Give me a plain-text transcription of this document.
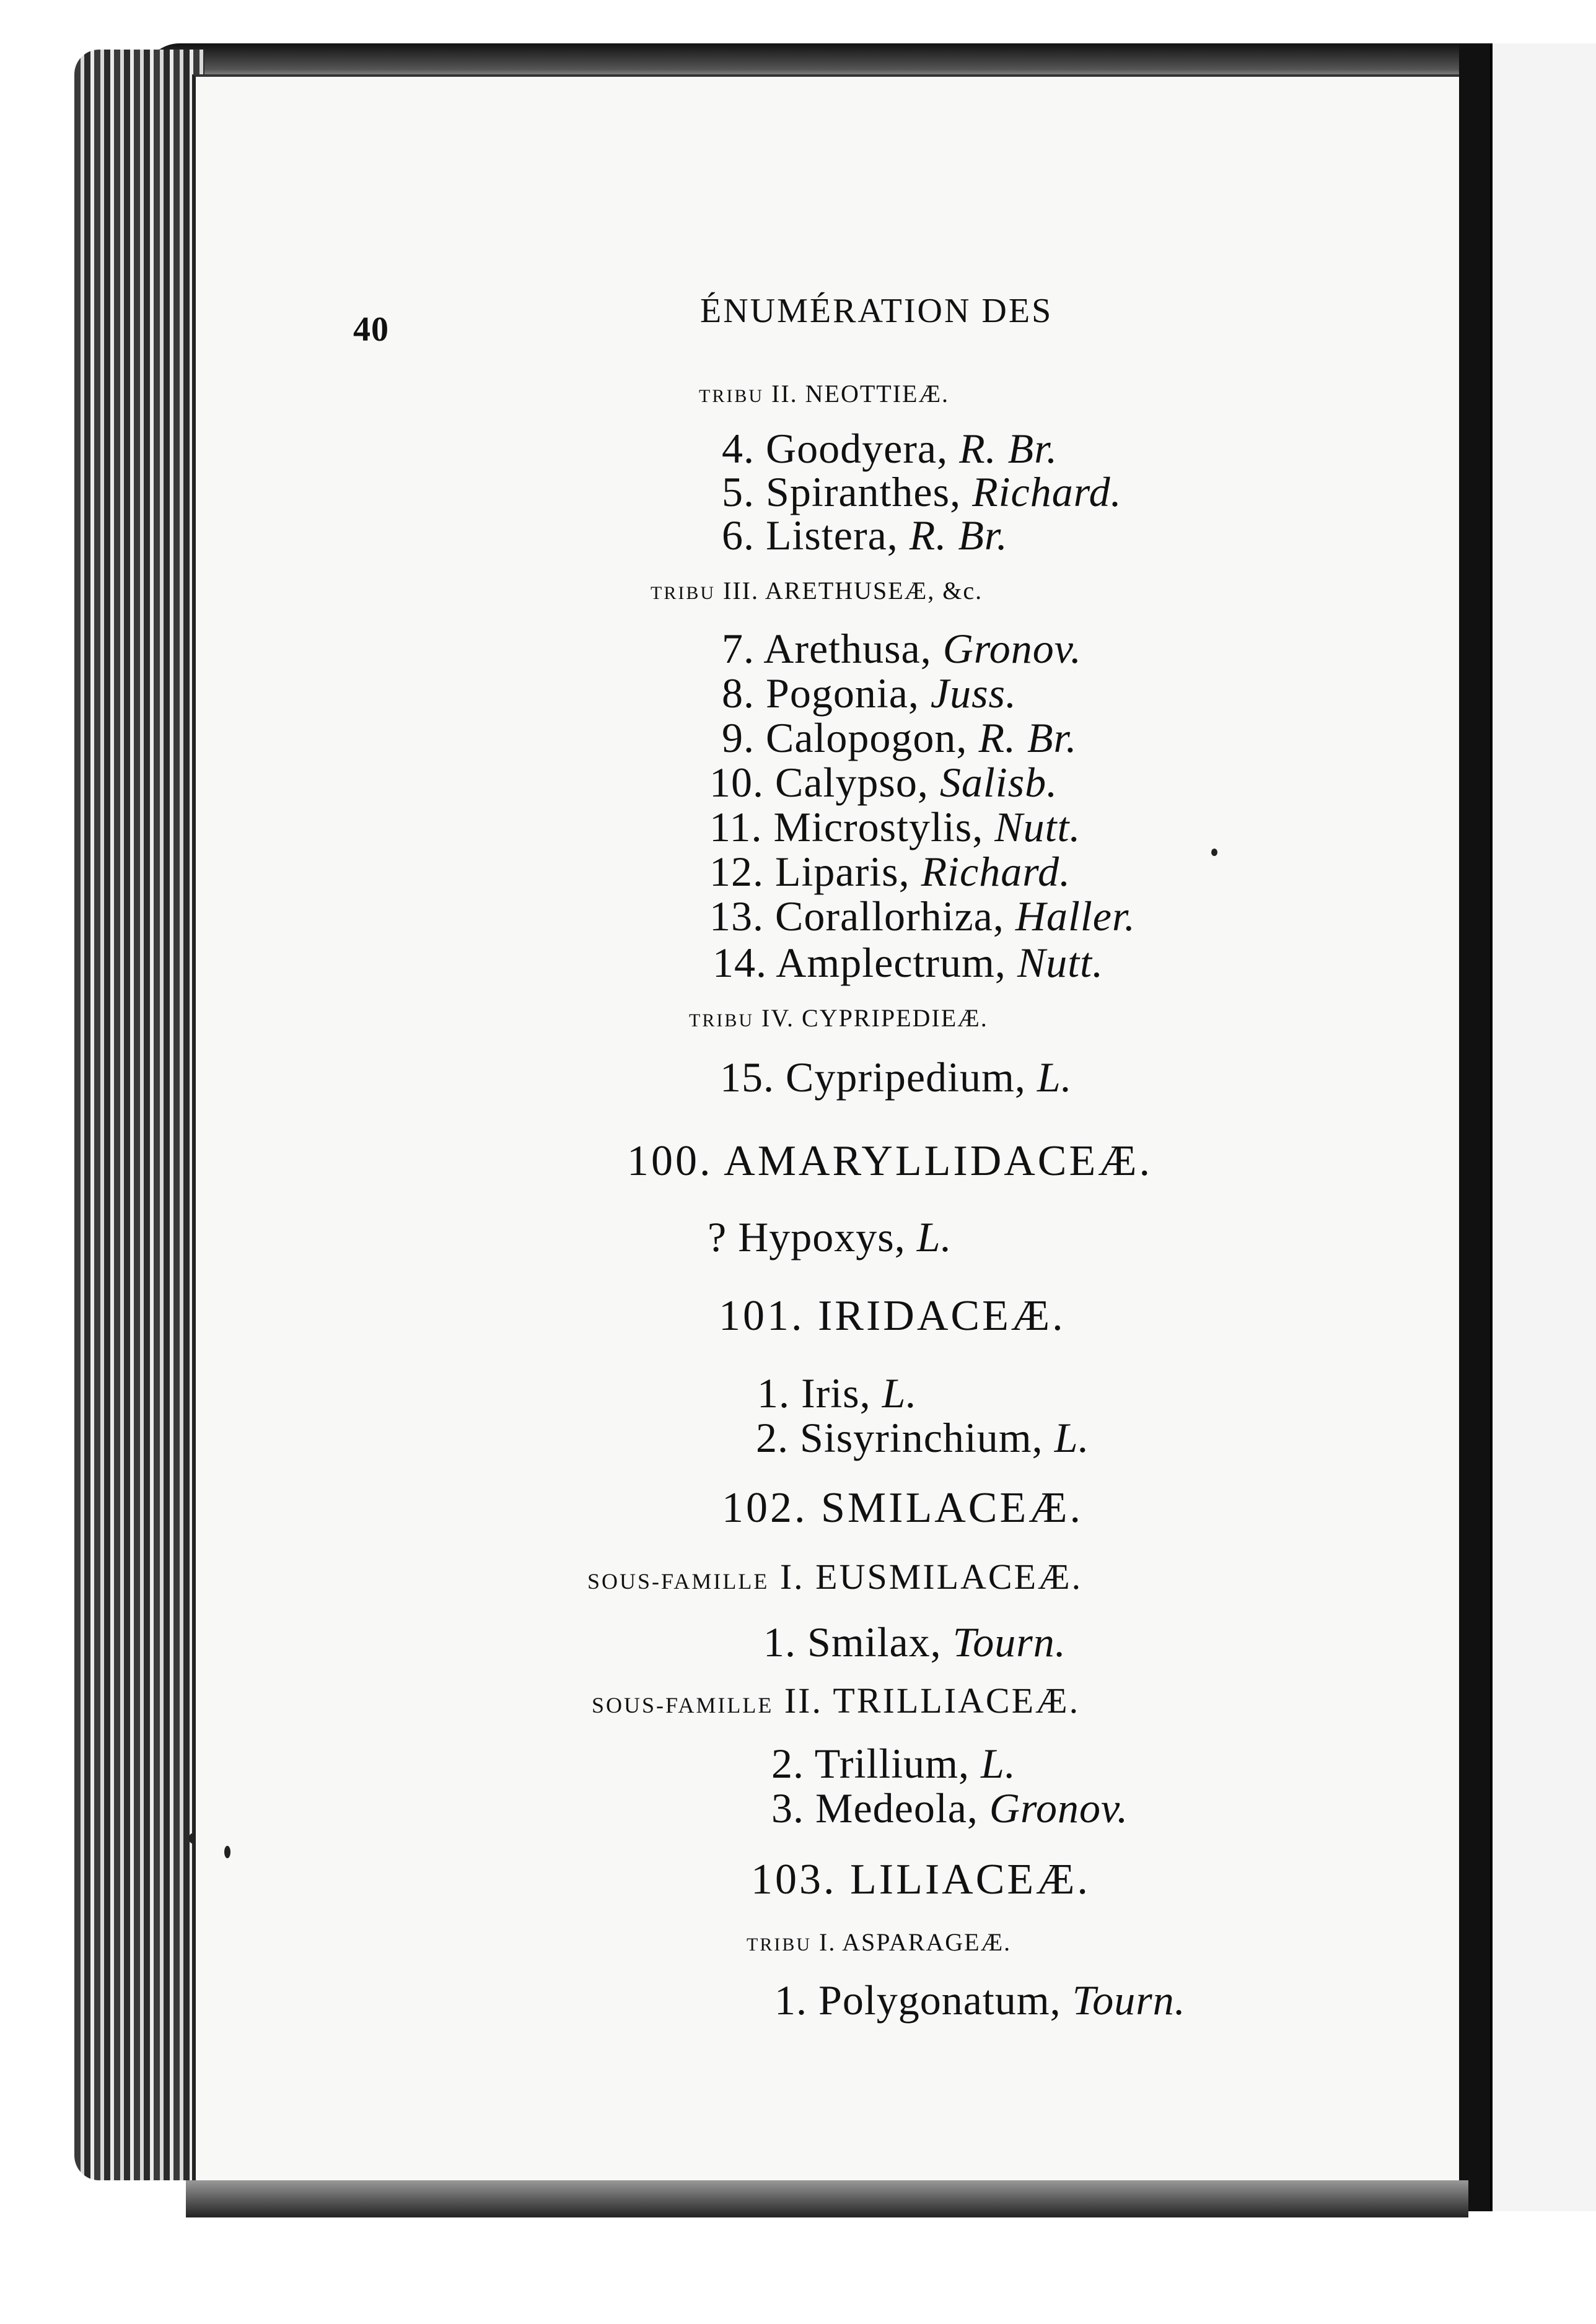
40	ÉNUMÉRATION DES
TRIBU II. NEOTTIEÆ.
4. Goodyera, R. Br.
5. Spiranthes, Richard.
6. Listera, R. Br.
TRIBU III. ARETHUSEÆ, &c.
7. Arethusa, Gronov.
8. Pogonia, Juss.
9. Calopogon, R. Br.
10. Calypso, Salisb.
11. Microstylis, Nutt.
12. Liparis, Richard.
13. Corallorhiza, Haller.
14. Amplectrum, Nutt.
TRIBU IV. CYPRIPEDIEÆ.
15. Cypripedium, L.
100. AMARYLLIDACEÆ.
? Hypoxys, L.
101. IRIDACEÆ.
1. Iris, L.
2. Sisyrinchium, L.
102. SMILACEÆ.
SOUS-FAMILLE I. EUSMILACEÆ.
1. Smilax, Tourn.
SOUS-FAMILLE II. TRILLIACEÆ.
2. Trillium, L.
3. Medeola, Gronov.
103. LILIACEÆ.
TRIBU I. ASPARAGEÆ.
1. Polygonatum, Tourn.
